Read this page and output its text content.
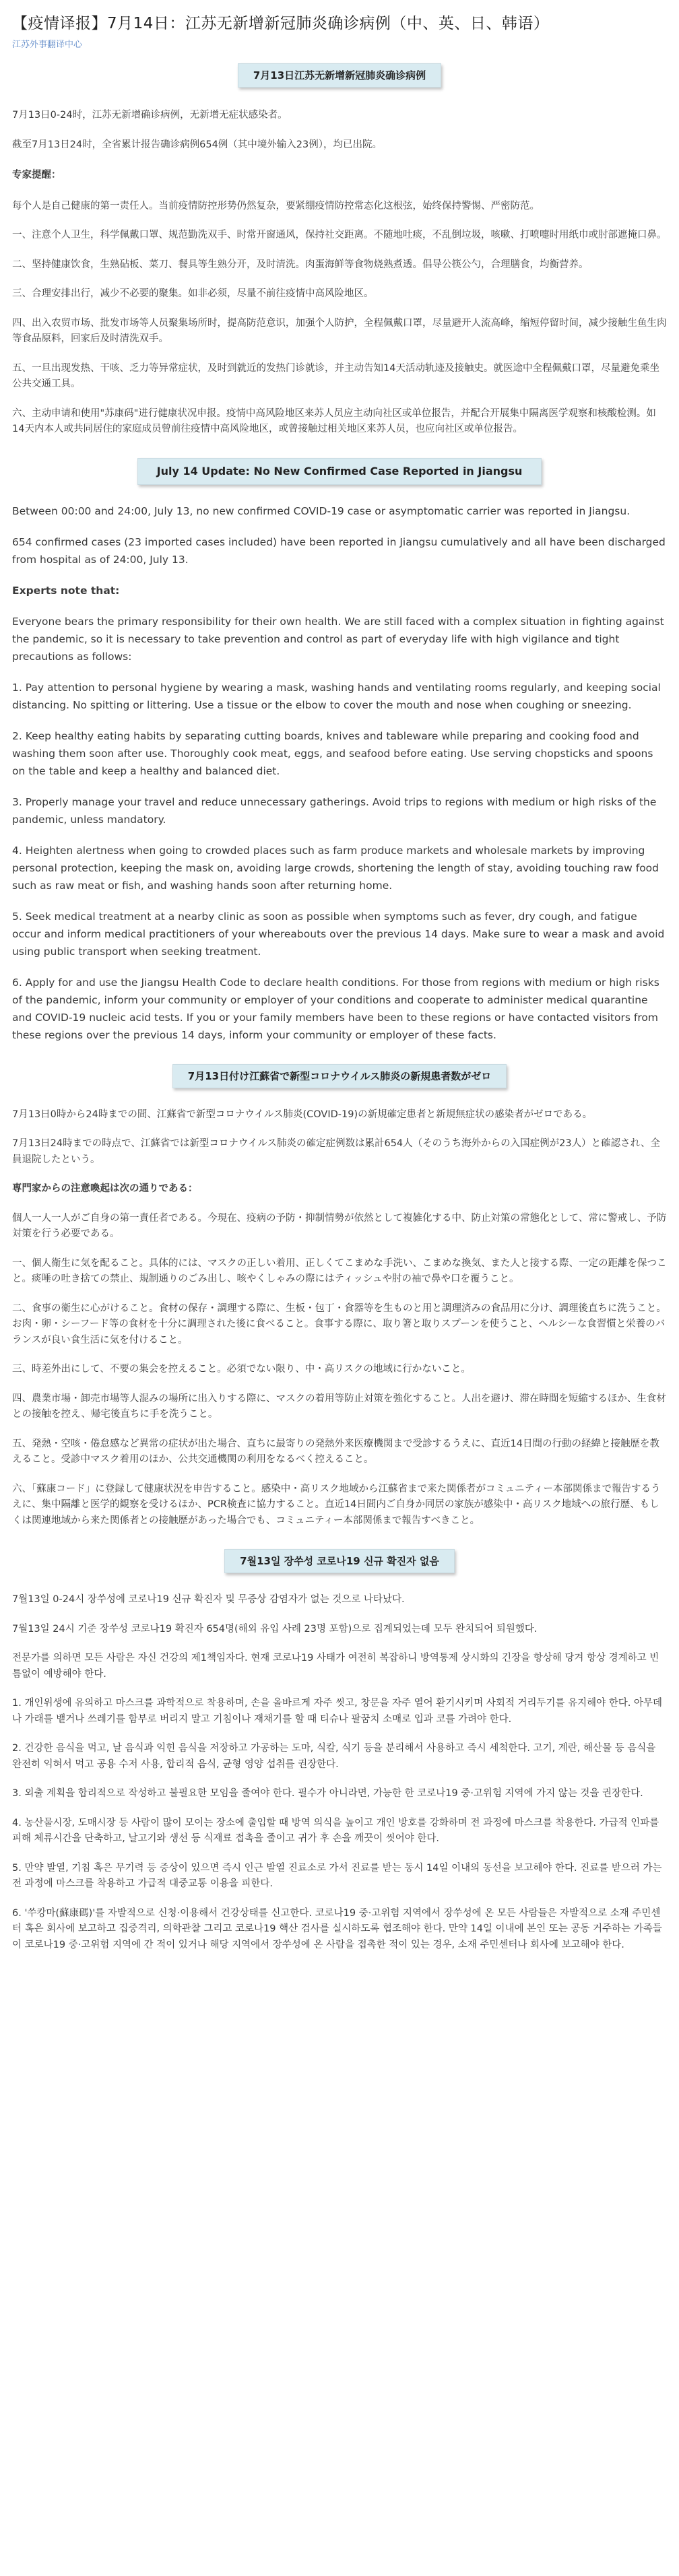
【疫情译报】7月14日：江苏无新增新冠肺炎确诊病例（中、英、日、韩语）
江苏外事翻译中心
7月13日江苏无新增新冠肺炎确诊病例

7月13日0-24时，江苏无新增确诊病例，无新增无症状感染者。

截至7月13日24时，全省累计报告确诊病例654例（其中境外输入23例），均已出院。

专家提醒：

每个人是自己健康的第一责任人。当前疫情防控形势仍然复杂，要紧绷疫情防控常态化这根弦，始终保持警惕、严密防范。

一、注意个人卫生，科学佩戴口罩、规范勤洗双手、时常开窗通风，保持社交距离。不随地吐痰，不乱倒垃圾，咳嗽、打喷嚏时用纸巾或肘部遮掩口鼻。

二、坚持健康饮食，生熟砧板、菜刀、餐具等生熟分开，及时清洗。肉蛋海鲜等食物烧熟煮透。倡导公筷公勺，合理膳食，均衡营养。

三、合理安排出行，减少不必要的聚集。如非必须，尽量不前往疫情中高风险地区。

四、出入农贸市场、批发市场等人员聚集场所时，提高防范意识，加强个人防护，全程佩戴口罩，尽量避开人流高峰，缩短停留时间，减少接触生鱼生肉等食品原料，回家后及时清洗双手。

五、一旦出现发热、干咳、乏力等异常症状，及时到就近的发热门诊就诊，并主动告知14天活动轨迹及接触史。就医途中全程佩戴口罩，尽量避免乘坐公共交通工具。

六、主动申请和使用"苏康码"进行健康状况申报。疫情中高风险地区来苏人员应主动向社区或单位报告，并配合开展集中隔离医学观察和核酸检测。如14天内本人或共同居住的家庭成员曾前往疫情中高风险地区，或曾接触过相关地区来苏人员，也应向社区或单位报告。

July 14 Update: No New Confirmed Case Reported in Jiangsu

Between 00:00 and 24:00, July 13, no new confirmed COVID-19 case or asymptomatic carrier was reported in Jiangsu.

654 confirmed cases (23 imported cases included) have been reported in Jiangsu cumulatively and all have been discharged from hospital as of 24:00, July 13.

Experts note that:

Everyone bears the primary responsibility for their own health. We are still faced with a complex situation in fighting against the pandemic, so it is necessary to take prevention and control as part of everyday life with high vigilance and tight precautions as follows:

1. Pay attention to personal hygiene by wearing a mask, washing hands and ventilating rooms regularly, and keeping social distancing. No spitting or littering. Use a tissue or the elbow to cover the mouth and nose when coughing or sneezing.

2. Keep healthy eating habits by separating cutting boards, knives and tableware while preparing and cooking food and washing them soon after use. Thoroughly cook meat, eggs, and seafood before eating. Use serving chopsticks and spoons on the table and keep a healthy and balanced diet.

3. Properly manage your travel and reduce unnecessary gatherings. Avoid trips to regions with medium or high risks of the pandemic, unless mandatory.

4. Heighten alertness when going to crowded places such as farm produce markets and wholesale markets by improving personal protection, keeping the mask on, avoiding large crowds, shortening the length of stay, avoiding touching raw food such as raw meat or fish, and washing hands soon after returning home.

5. Seek medical treatment at a nearby clinic as soon as possible when symptoms such as fever, dry cough, and fatigue occur and inform medical practitioners of your whereabouts over the previous 14 days. Make sure to wear a mask and avoid using public transport when seeking treatment.

6. Apply for and use the Jiangsu Health Code to declare health conditions. For those from regions with medium or high risks of the pandemic, inform your community or employer of your conditions and cooperate to administer medical quarantine and COVID-19 nucleic acid tests. If you or your family members have been to these regions or have contacted visitors from these regions over the previous 14 days, inform your community or employer of these facts.

7月13日付け江蘇省で新型コロナウイルス肺炎の新規患者数がゼロ

7月13日0時から24時までの間、江蘇省で新型コロナウイルス肺炎(COVID-19)の新規確定患者と新規無症状の感染者がゼロである。

7月13日24時までの時点で、江蘇省では新型コロナウイルス肺炎の確定症例数は累計654人（そのうち海外からの入国症例が23人）と確認され、全員退院したという。

専門家からの注意喚起は次の通りである：

個人一人一人がご自身の第一責任者である。今現在、疫病の予防・抑制情勢が依然として複雑化する中、防止対策の常態化として、常に警戒し、予防対策を行う必要である。

一、個人衛生に気を配ること。具体的には、マスクの正しい着用、正しくてこまめな手洗い、こまめな換気、また人と接する際、一定の距離を保つこと。痰唾の吐き捨ての禁止、規制通りのごみ出し、咳やくしゃみの際にはティッシュや肘の袖で鼻や口を覆うこと。

二、食事の衛生に心がけること。食材の保存・調理する際に、生板・包丁・食器等を生ものと用と調理済みの食品用に分け、調理後直ちに洗うこと。お肉・卵・シーフード等の食材を十分に調理された後に食べること。食事する際に、取り箸と取りスプーンを使うこと、ヘルシーな食習慣と栄養のバランスが良い食生活に気を付けること。

三、時差外出にして、不要の集会を控えること。必須でない限り、中・高リスクの地域に行かないこと。

四、農業市場・卸売市場等人混みの場所に出入りする際に、マスクの着用等防止対策を強化すること。人出を避け、滞在時間を短縮するほか、生食材との接触を控え、帰宅後直ちに手を洗うこと。

五、発熱・空咳・倦怠感など異常の症状が出た場合、直ちに最寄りの発熱外来医療機関まで受診するうえに、直近14日間の行動の経緯と接触歴を教えること。受診中マスク着用のほか、公共交通機関の利用をなるべく控えること。

六、「蘇康コード」に登録して健康状況を申告すること。感染中・高リスク地域から江蘇省まで来た関係者がコミュニティー本部関係まで報告するうえに、集中隔離と医学的観察を受けるほか、PCR検査に協力すること。直近14日間内ご自身か同居の家族が感染中・高リスク地域への旅行歴、もしくは関連地域から来た関係者との接触歴があった場合でも、コミュニティー本部関係まで報告すべきこと。

7월13일 장쑤성 코로나19 신규 확진자 없음

7월13일 0-24시 장쑤성에 코로나19 신규 확진자 및 무증상 감염자가 없는 것으로 나타났다.

7월13일 24시 기준 장쑤성 코로나19 확진자 654명(해외 유입 사례 23명 포함)으로 집계되었는데 모두 완치되어 퇴원했다.

전문가를 의하면 모든 사람은 자신 건강의 제1책임자다. 현재 코로나19 사태가 여전히 복잡하니 방역통제 상시화의 긴장을 항상해 당겨 항상 경계하고 빈틈없이 예방해야 한다.

1. 개인위생에 유의하고 마스크를 과학적으로 착용하며, 손을 올바르게 자주 씻고, 창문을 자주 열어 환기시키며 사회적 거리두기를 유지해야 한다. 아무데나 가래를 뱉거나 쓰레기를 함부로 버리지 말고 기침이나 재채기를 할 때 티슈나 팔꿈치 소매로 입과 코를 가려야 한다.

2. 건강한 음식을 먹고, 날 음식과 익힌 음식을 저장하고 가공하는 도마, 식칼, 식기 등을 분리해서 사용하고 즉시 세척한다. 고기, 계란, 해산물 등 음식을 완전히 익혀서 먹고 공용 수저 사용, 합리적 음식, 균형 영양 섭취를 권장한다.

3. 외출 계획을 합리적으로 작성하고 불필요한 모임을 줄여야 한다. 필수가 아니라면, 가능한 한 코로나19 중·고위험 지역에 가지 않는 것을 권장한다.

4. 농산물시장, 도매시장 등 사람이 많이 모이는 장소에 출입할 때 방역 의식을 높이고 개인 방호를 강화하며 전 과정에 마스크를 착용한다. 가급적 인파를 피해 체류시간을 단축하고, 날고기와 생선 등 식재료 접촉을 줄이고 귀가 후 손을 깨끗이 씻어야 한다.

5. 만약 발열, 기침 혹은 무기력 등 증상이 있으면 즉시 인근 발열 진료소로 가서 진료를 받는 동시 14일 이내의 동선을 보고해야 한다. 진료를 받으러 가는 전 과정에 마스크를 착용하고 가급적 대중교통 이용을 피한다.

6. '쑤캉마(蘇康碼)'를 자발적으로 신청·이용해서 건강상태를 신고한다. 코로나19 중·고위험 지역에서 장쑤성에 온 모든 사람들은 자발적으로 소재 주민센터 혹은 회사에 보고하고 집중격리, 의학관찰 그리고 코로나19 핵산 검사를 실시하도록 협조해야 한다. 만약 14일 이내에 본인 또는 공동 거주하는 가족들이 코로나19 중·고위험 지역에 간 적이 있거나 해당 지역에서 장쑤성에 온 사람을 접촉한 적이 있는 경우, 소재 주민센터나 회사에 보고해야 한다.
